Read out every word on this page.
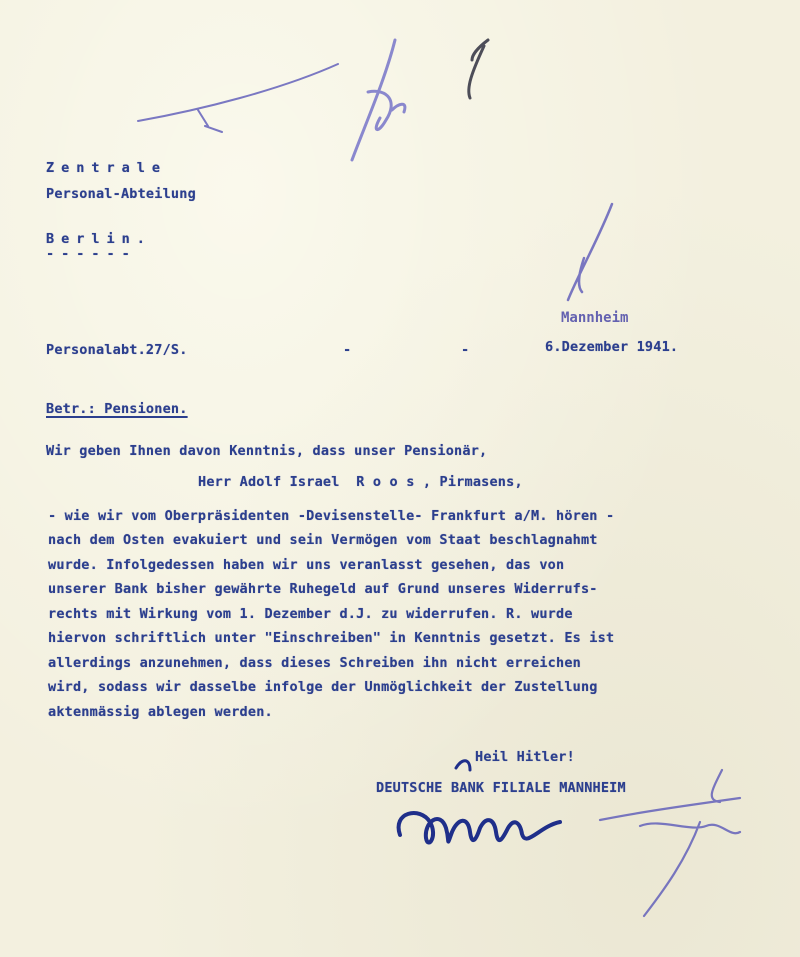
Zentrale
Personal-Abteilung
Berlin.
------
Mannheim
Personalabt.27/S.	-	-	6.Dezember 1941.
Betr.: Pensionen.
Wir geben Ihnen davon Kenntnis, dass unser Pensionär,
Herr Adolf Israel  R o o s , Pirmasens,
- wie wir vom Oberpräsidenten -Devisenstelle- Frankfurt a/M. hören -
nach dem Osten evakuiert und sein Vermögen vom Staat beschlagnahmt
wurde. Infolgedessen haben wir uns veranlasst gesehen, das von
unserer Bank bisher gewährte Ruhegeld auf Grund unseres Widerrufs-
rechts mit Wirkung vom 1. Dezember d.J. zu widerrufen. R. wurde
hiervon schriftlich unter "Einschreiben" in Kenntnis gesetzt. Es ist
allerdings anzunehmen, dass dieses Schreiben ihn nicht erreichen
wird, sodass wir dasselbe infolge der Unmöglichkeit der Zustellung
aktenmässig ablegen werden.
Heil Hitler!
DEUTSCHE BANK FILIALE MANNHEIM
